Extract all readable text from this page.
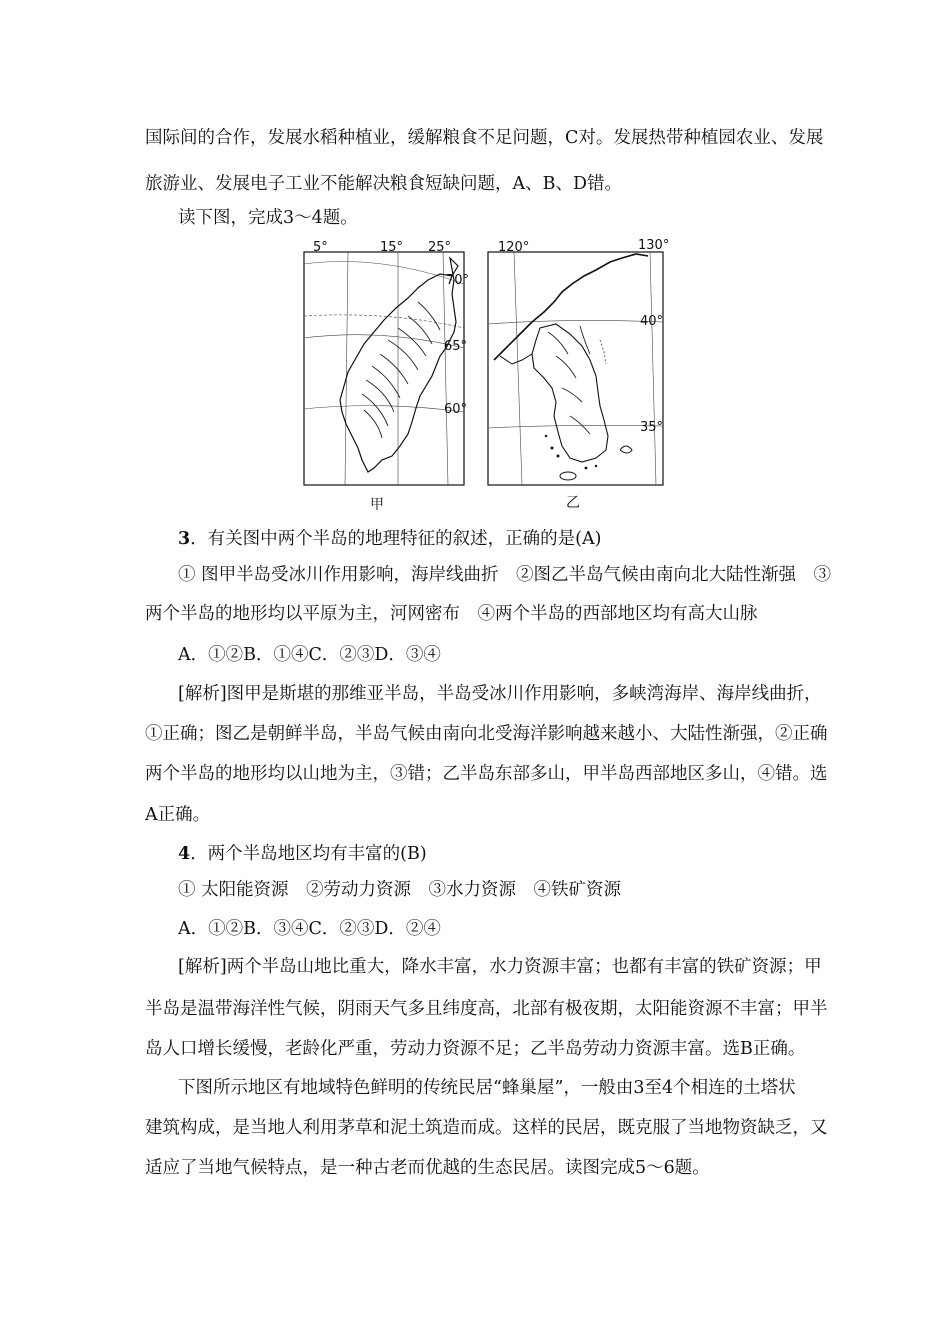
国际间的合作，发展水稻种植业，缓解粮食不足问题，C对。发展热带种植园农业、发展
旅游业、发展电子工业不能解决粮食短缺问题，A、B、D错。
读下图，完成3～4题。
5°	15° 25°
70°
65°
60°
甲
120°	130°
40°
35°
乙
3．有关图中两个半岛的地理特征的叙述，正确的是(A)
① 图甲半岛受冰川作用影响，海岸线曲折　②图乙半岛气候由南向北大陆性渐强　③
两个半岛的地形均以平原为主，河网密布　④两个半岛的西部地区均有高大山脉
A．①②B．①④C．②③D．③④
[解析]图甲是斯堪的那维亚半岛，半岛受冰川作用影响，多峡湾海岸、海岸线曲折，
①正确；图乙是朝鲜半岛，半岛气候由南向北受海洋影响越来越小、大陆性渐强，②正确
两个半岛的地形均以山地为主，③错；乙半岛东部多山，甲半岛西部地区多山，④错。选
A正确。
4．两个半岛地区均有丰富的(B)
① 太阳能资源　②劳动力资源　③水力资源　④铁矿资源
A．①②B．③④C．②③D．②④
[解析]两个半岛山地比重大，降水丰富，水力资源丰富；也都有丰富的铁矿资源；甲
半岛是温带海洋性气候，阴雨天气多且纬度高，北部有极夜期，太阳能资源不丰富；甲半
岛人口增长缓慢，老龄化严重，劳动力资源不足；乙半岛劳动力资源丰富。选B正确。
下图所示地区有地域特色鲜明的传统民居“蜂巢屋”，一般由3至4个相连的土塔状
建筑构成，是当地人利用茅草和泥土筑造而成。这样的民居，既克服了当地物资缺乏，又
适应了当地气候特点，是一种古老而优越的生态民居。读图完成5～6题。
